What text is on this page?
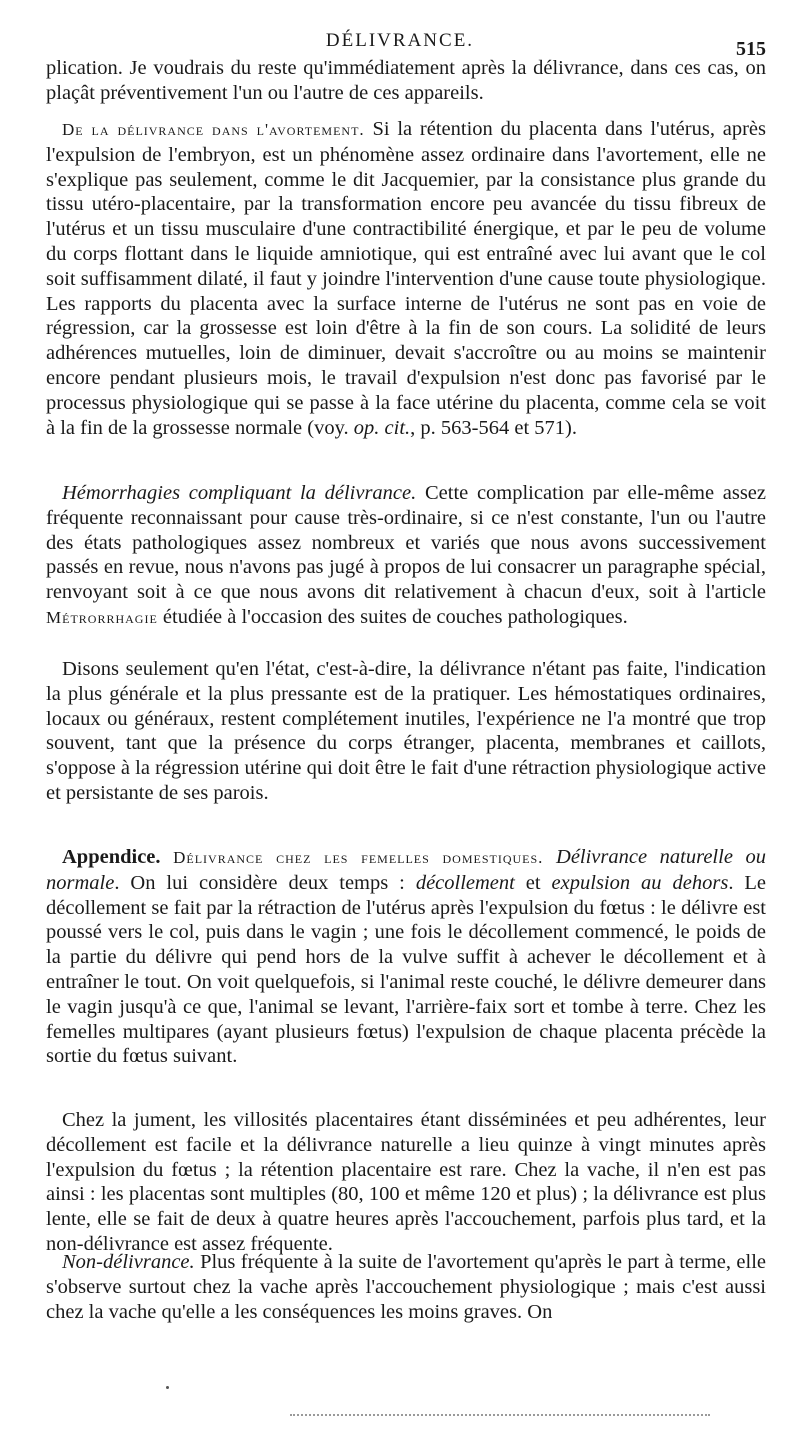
DÉLIVRANCE.	515

plication. Je voudrais du reste qu'immédiatement après la délivrance, dans ces cas, on plaçât préventivement l'un ou l'autre de ces appareils.

De la délivrance dans l'avortement. Si la rétention du placenta dans l'utérus, après l'expulsion de l'embryon, est un phénomène assez ordinaire dans l'avortement, elle ne s'explique pas seulement, comme le dit Jacquemier, par la consistance plus grande du tissu utéro-placentaire, par la transformation encore peu avancée du tissu fibreux de l'utérus et un tissu musculaire d'une contractibilité énergique, et par le peu de volume du corps flottant dans le liquide amniotique, qui est entraîné avec lui avant que le col soit suffisamment dilaté, il faut y joindre l'intervention d'une cause toute physiologique. Les rapports du placenta avec la surface interne de l'utérus ne sont pas en voie de régression, car la grossesse est loin d'être à la fin de son cours. La solidité de leurs adhérences mutuelles, loin de diminuer, devait s'accroître ou au moins se maintenir encore pendant plusieurs mois, le travail d'expulsion n'est donc pas favorisé par le processus physiologique qui se passe à la face utérine du placenta, comme cela se voit à la fin de la grossesse normale (voy. op. cit., p. 563-564 et 571).

Hémorrhagies compliquant la délivrance. Cette complication par elle-même assez fréquente reconnaissant pour cause très-ordinaire, si ce n'est constante, l'un ou l'autre des états pathologiques assez nombreux et variés que nous avons successivement passés en revue, nous n'avons pas jugé à propos de lui consacrer un paragraphe spécial, renvoyant soit à ce que nous avons dit relativement à chacun d'eux, soit à l'article Métrorrhagie étudiée à l'occasion des suites de couches pathologiques.

Disons seulement qu'en l'état, c'est-à-dire, la délivrance n'étant pas faite, l'indication la plus générale et la plus pressante est de la pratiquer. Les hémostatiques ordinaires, locaux ou généraux, restent complétement inutiles, l'expérience ne l'a montré que trop souvent, tant que la présence du corps étranger, placenta, membranes et caillots, s'oppose à la régression utérine qui doit être le fait d'une rétraction physiologique active et persistante de ses parois.

Appendice. Délivrance chez les femelles domestiques. Délivrance naturelle ou normale. On lui considère deux temps : décollement et expulsion au dehors. Le décollement se fait par la rétraction de l'utérus après l'expulsion du fœtus : le délivre est poussé vers le col, puis dans le vagin ; une fois le décollement commencé, le poids de la partie du délivre qui pend hors de la vulve suffit à achever le décollement et à entraîner le tout. On voit quelquefois, si l'animal reste couché, le délivre demeurer dans le vagin jusqu'à ce que, l'animal se levant, l'arrière-faix sort et tombe à terre. Chez les femelles multipares (ayant plusieurs fœtus) l'expulsion de chaque placenta précède la sortie du fœtus suivant.

Chez la jument, les villosités placentaires étant disséminées et peu adhérentes, leur décollement est facile et la délivrance naturelle a lieu quinze à vingt minutes après l'expulsion du fœtus ; la rétention placentaire est rare. Chez la vache, il n'en est pas ainsi : les placentas sont multiples (80, 100 et même 120 et plus) ; la délivrance est plus lente, elle se fait de deux à quatre heures après l'accouchement, parfois plus tard, et la non-délivrance est assez fréquente.

Non-délivrance. Plus fréquente à la suite de l'avortement qu'après le part à terme, elle s'observe surtout chez la vache après l'accouchement physiologique ; mais c'est aussi chez la vache qu'elle a les conséquences les moins graves. On
